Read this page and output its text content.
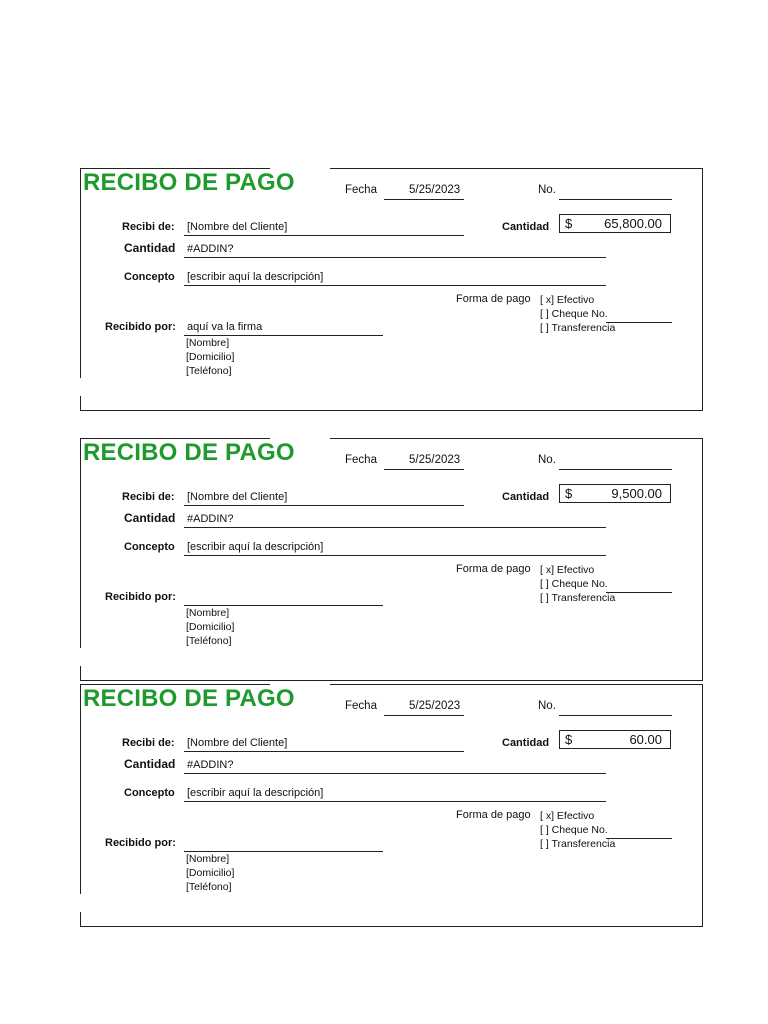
RECIBO DE PAGO	Fecha	5/25/2023	No.
Recibi de: [Nombre del Cliente]	Cantidad $ 65,800.00
Cantidad #ADDIN?
Concepto [escribir aquí la descripción]
Forma de pago [ x] Efectivo
[ ] Cheque No.
[ ] Transferencia
Recibido por: aquí va la firma
[Nombre]
[Domicilio]
[Teléfono]
RECIBO DE PAGO	Fecha	5/25/2023	No.
Recibi de: [Nombre del Cliente]	Cantidad $	9,500.00
Cantidad #ADDIN?
Concepto [escribir aquí la descripción]
Forma de pago [ x] Efectivo
[ ] Cheque No.
[ ] Transferencia
Recibido por:
[Nombre]
[Domicilio]
[Teléfono]
RECIBO DE PAGO	Fecha	5/25/2023	No.
Recibi de: [Nombre del Cliente]	Cantidad $	60.00
Cantidad #ADDIN?
Concepto [escribir aquí la descripción]
Forma de pago [ x] Efectivo
[ ] Cheque No.
[ ] Transferencia
Recibido por:
[Nombre]
[Domicilio]
[Teléfono]
